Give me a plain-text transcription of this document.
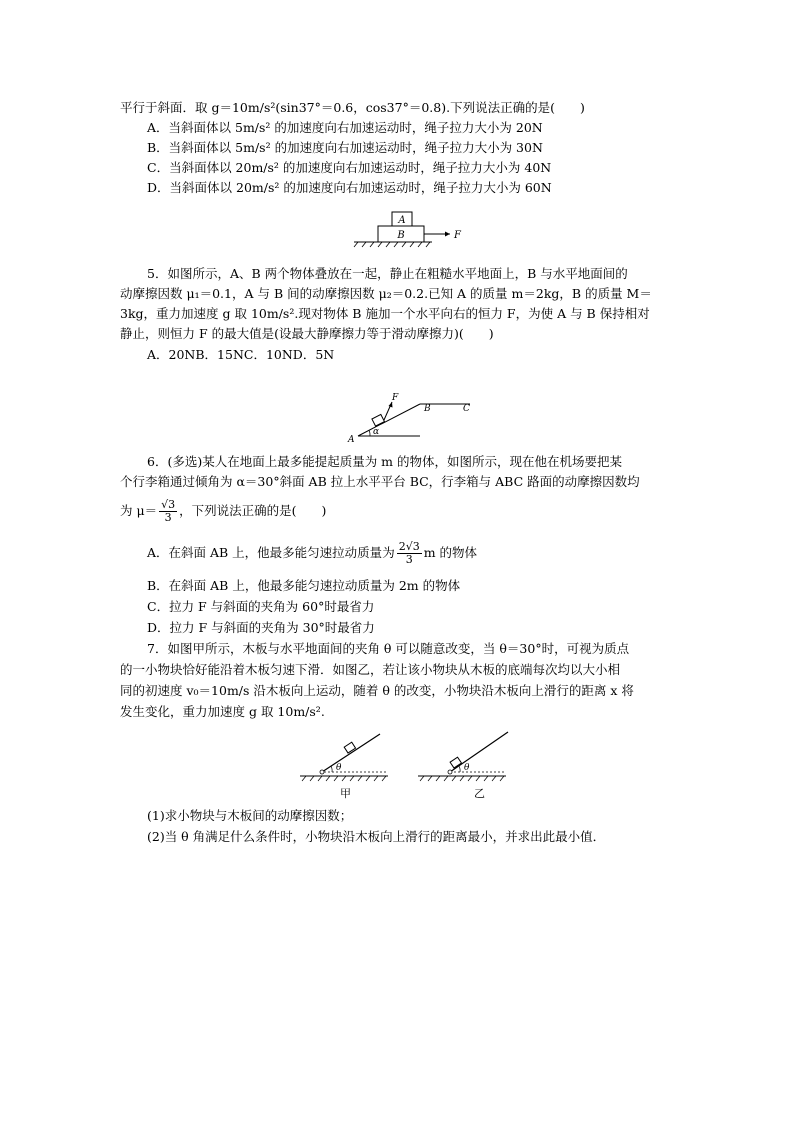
平行于斜面．取 g＝10m/s²(sin37°＝0.6，cos37°＝0.8).下列说法正确的是(　　)
A．当斜面体以 5m/s² 的加速度向右加速运动时，绳子拉力大小为 20N
B．当斜面体以 5m/s² 的加速度向右加速运动时，绳子拉力大小为 30N
C．当斜面体以 20m/s² 的加速度向右加速运动时，绳子拉力大小为 40N
D．当斜面体以 20m/s² 的加速度向右加速运动时，绳子拉力大小为 60N
A
B	F
5．如图所示，A、B 两个物体叠放在一起，静止在粗糙水平地面上，B 与水平地面间的
动摩擦因数 μ₁＝0.1，A 与 B 间的动摩擦因数 μ₂＝0.2.已知 A 的质量 m＝2kg，B 的质量 M＝
3kg，重力加速度 g 取 10m/s².现对物体 B 施加一个水平向右的恒力 F，为使 A 与 B 保持相对
静止，则恒力 F 的最大值是(设最大静摩擦力等于滑动摩擦力)(　　)
A．20NB．15NC．10ND．5N
α
F
A
B	C
6．(多选)某人在地面上最多能提起质量为 m 的物体，如图所示，现在他在机场要把某
个行李箱通过倾角为 α＝30°斜面 AB 拉上水平平台 BC，行李箱与 ABC 路面的动摩擦因数均
为 $\mu= \frac{√3}{3}$ ，下列说法正确的是(　　)
A．在斜面 AB 上，他最多能匀速拉动质量为 $\frac{2√3}{3}$ m 的物体
B．在斜面 AB 上，他最多能匀速拉动质量为 2m 的物体
C．拉力 F 与斜面的夹角为 60°时最省力
D．拉力 F 与斜面的夹角为 30°时最省力
7．如图甲所示，木板与水平地面间的夹角 θ 可以随意改变，当 θ＝30°时，可视为质点
的一小物块恰好能沿着木板匀速下滑．如图乙，若让该小物块从木板的底端每次均以大小相
同的初速度 v₀＝10m/s 沿木板向上运动，随着 θ 的改变，小物块沿木板向上滑行的距离 x 将
发生变化，重力加速度 g 取 10m/s².
θ
甲
θ
乙
(1)求小物块与木板间的动摩擦因数；
(2)当 θ 角满足什么条件时，小物块沿木板向上滑行的距离最小，并求出此最小值．
